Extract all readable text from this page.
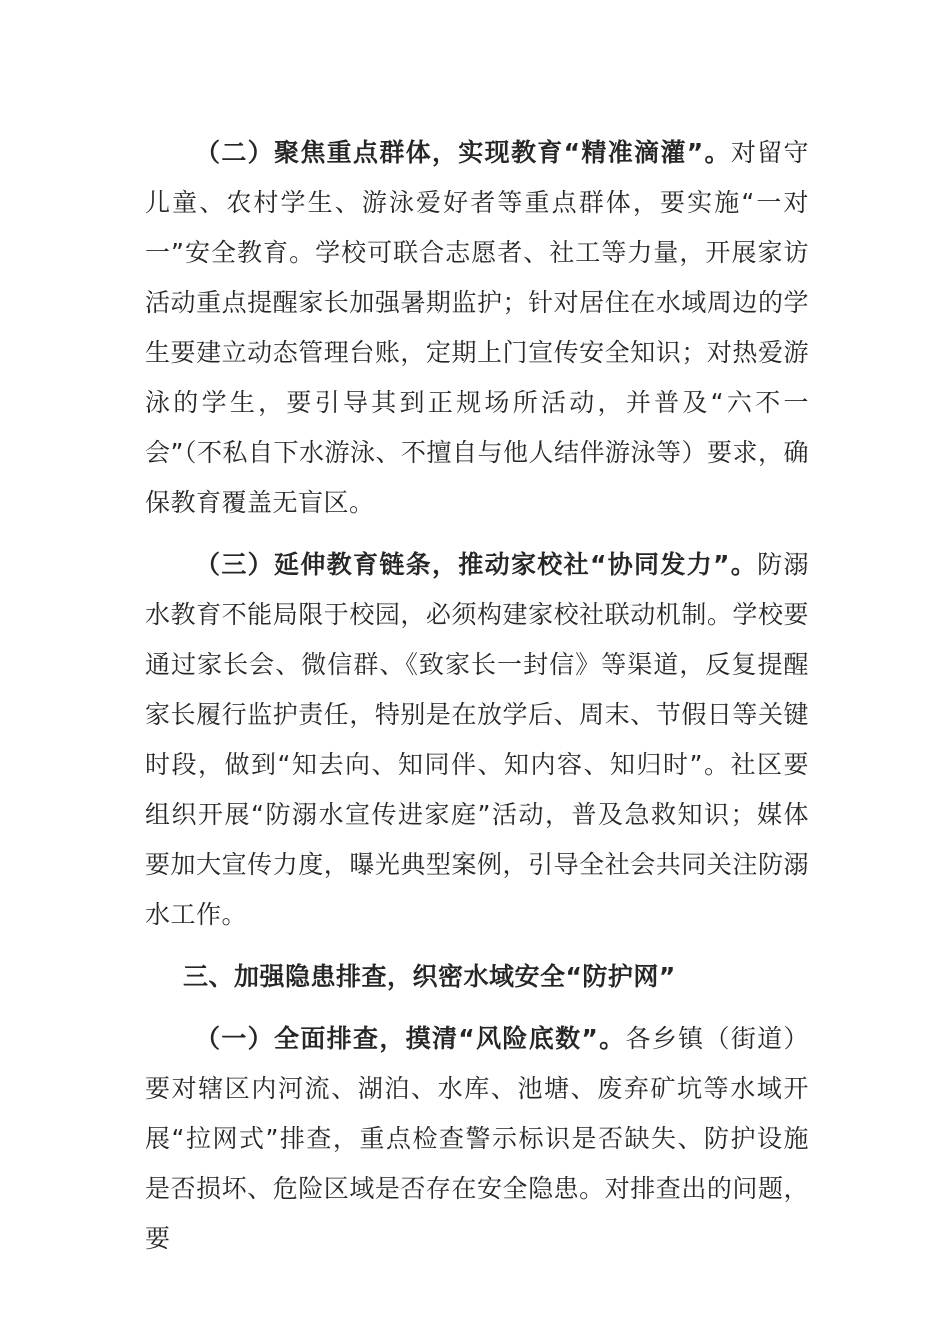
（二）聚焦重点群体，实现教育“精准滴灌”。对留守儿童、农村学生、游泳爱好者等重点群体，要实施“一对一”安全教育。学校可联合志愿者、社工等力量，开展家访活动重点提醒家长加强暑期监护；针对居住在水域周边的学生要建立动态管理台账，定期上门宣传安全知识；对热爱游泳的学生，要引导其到正规场所活动，并普及“六不一会”（不私自下水游泳、不擅自与他人结伴游泳等）要求，确保教育覆盖无盲区。

（三）延伸教育链条，推动家校社“协同发力”。防溺水教育不能局限于校园，必须构建家校社联动机制。学校要通过家长会、微信群、《致家长一封信》等渠道，反复提醒家长履行监护责任，特别是在放学后、周末、节假日等关键时段，做到“知去向、知同伴、知内容、知归时”。社区要组织开展“防溺水宣传进家庭”活动，普及急救知识；媒体要加大宣传力度，曝光典型案例，引导全社会共同关注防溺水工作。

三、加强隐患排查，织密水域安全“防护网”

（一）全面排查，摸清“风险底数”。各乡镇（街道）要对辖区内河流、湖泊、水库、池塘、废弃矿坑等水域开展“拉网式”排查，重点检查警示标识是否缺失、防护设施是否损坏、危险区域是否存在安全隐患。对排查出的问题，要
